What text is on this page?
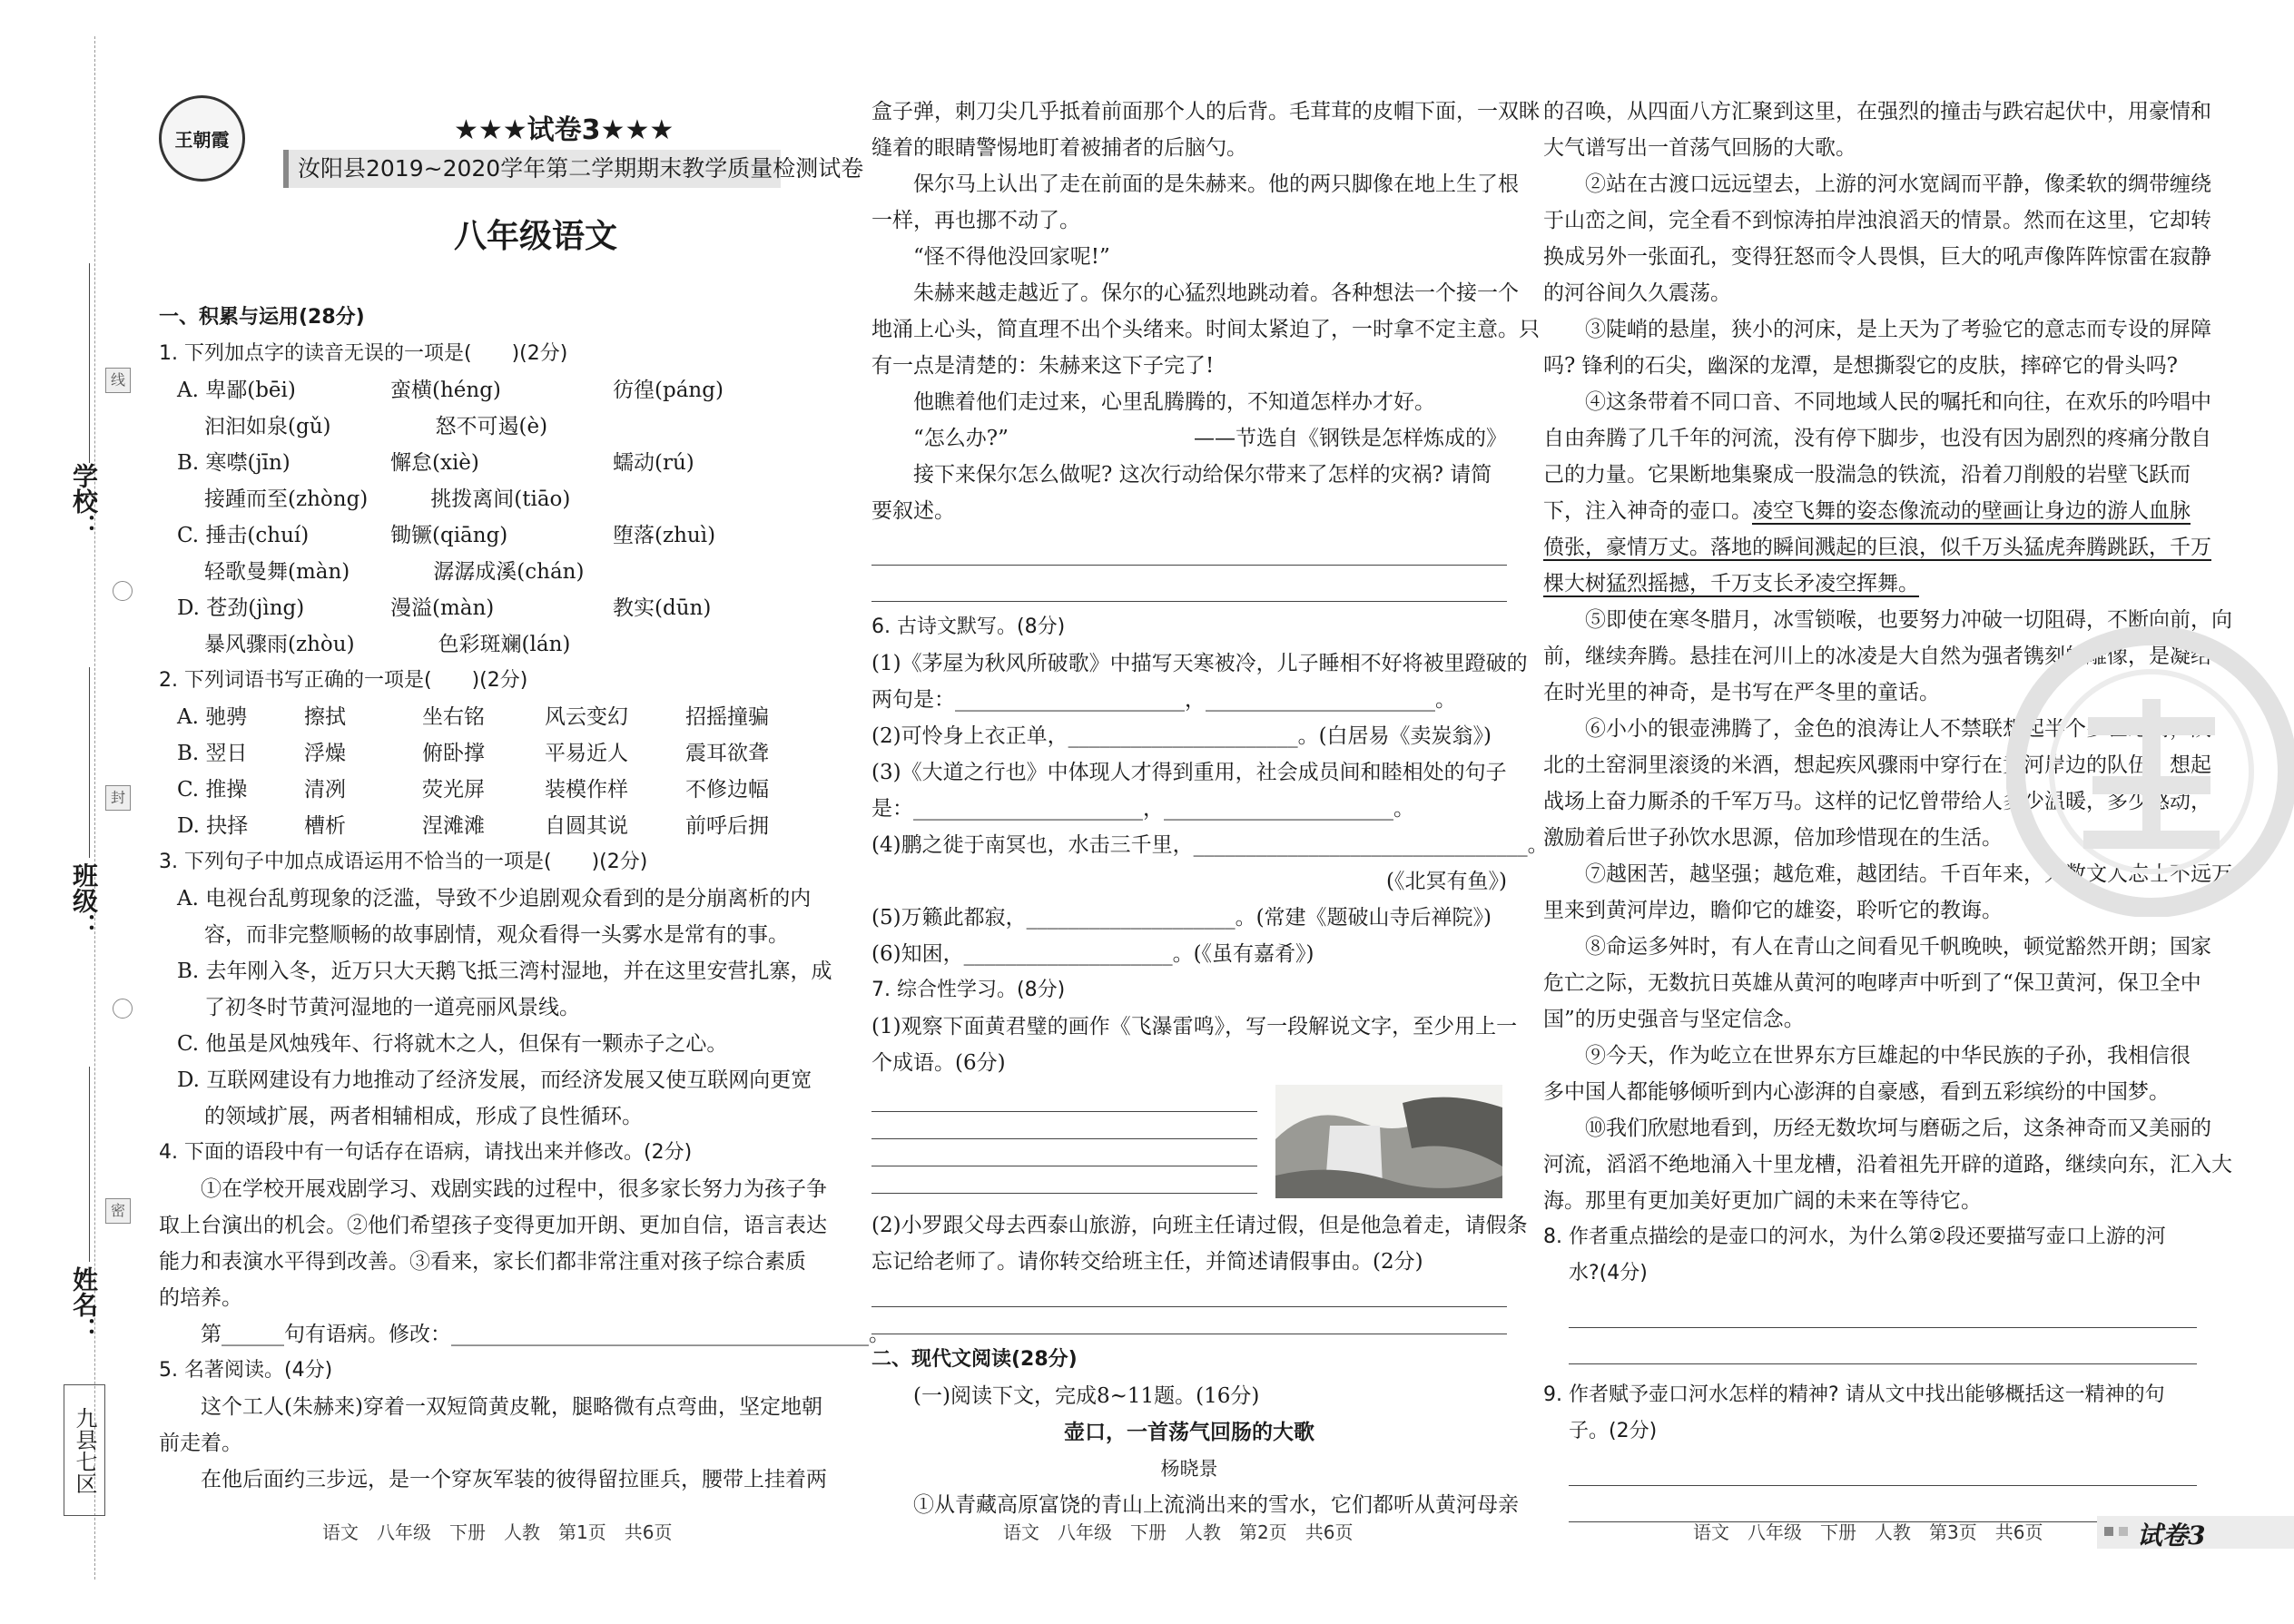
学校：
班级：
姓名：
线
封
密
九县七区
王朝霞	★★★试卷3★★★
汝阳县2019~2020学年第二学期期末教学质量检测试卷
八年级语文
一、积累与运用(28分)
1. 下列加点字的读音无误的一项是(　　)(2分)
A. 卑鄙(bēi)	蛮横(héng)	彷徨(páng)
汩汩如泉(gǔ)　　　　　怒不可遏(è)
B. 寒噤(jīn)	懈怠(xiè)	蠕动(rú)
接踵而至(zhòng)　　　挑拨离间(tiāo)
C. 捶击(chuí)	锄镢(qiāng)	堕落(zhuì)
轻歌曼舞(màn)　　　　潺潺成溪(chán)
D. 苍劲(jìng)	漫溢(màn)	教实(dūn)
暴风骤雨(zhòu)　　　　色彩斑斓(lán)
2. 下列词语书写正确的一项是(　　)(2分)
A. 驰骋	擦拭	坐右铭	风云变幻	招摇撞骗
B. 翌日	浮燥	俯卧撑	平易近人	震耳欲聋
C. 推操	清冽	荧光屏	装模作样	不修边幅
D. 抉择	槽析	涅滩滩	自圆其说	前呼后拥
3. 下列句子中加点成语运用不恰当的一项是(　　)(2分)
A. 电视台乱剪现象的泛滥，导致不少追剧观众看到的是分崩离析的内
容，而非完整顺畅的故事剧情，观众看得一头雾水是常有的事。
B. 去年刚入冬，近万只大天鹅飞抵三湾村湿地，并在这里安营扎寨，成
了初冬时节黄河湿地的一道亮丽风景线。
C. 他虽是风烛残年、行将就木之人，但保有一颗赤子之心。
D. 互联网建设有力地推动了经济发展，而经济发展又使互联网向更宽
的领域扩展，两者相辅相成，形成了良性循环。
4. 下面的语段中有一句话存在语病，请找出来并修改。(2分)
①在学校开展戏剧学习、戏剧实践的过程中，很多家长努力为孩子争
取上台演出的机会。②他们希望孩子变得更加开朗、更加自信，语言表达
能力和表演水平得到改善。③看来，家长们都非常注重对孩子综合素质
的培养。
第______句有语病。修改：________________________________________。
5. 名著阅读。(4分)
这个工人(朱赫来)穿着一双短筒黄皮靴，腿略微有点弯曲，坚定地朝
前走着。
在他后面约三步远，是一个穿灰军装的彼得留拉匪兵，腰带上挂着两
盒子弹，刺刀尖几乎抵着前面那个人的后背。毛茸茸的皮帽下面，一双眯
缝着的眼睛警惕地盯着被捕者的后脑勺。
保尔马上认出了走在前面的是朱赫来。他的两只脚像在地上生了根
一样，再也挪不动了。
“怪不得他没回家呢!”
朱赫来越走越近了。保尔的心猛烈地跳动着。各种想法一个接一个
地涌上心头，简直理不出个头绪来。时间太紧迫了，一时拿不定主意。只
有一点是清楚的：朱赫来这下子完了!
他瞧着他们走过来，心里乱腾腾的，不知道怎样办才好。
“怎么办?”	——节选自《钢铁是怎样炼成的》
接下来保尔怎么做呢? 这次行动给保尔带来了怎样的灾祸? 请简
要叙述。
6. 古诗文默写。(8分)
(1)《茅屋为秋风所破歌》中描写天寒被冷，儿子睡相不好将被里蹬破的
两句是：______________________，______________________。
(2)可怜身上衣正单，______________________。(白居易《卖炭翁》)
(3)《大道之行也》中体现人才得到重用，社会成员间和睦相处的句子
是：______________________，______________________。
(4)鹏之徙于南冥也，水击三千里，________________________________。
(《北冥有鱼》)
(5)万籁此都寂，____________________。(常建《题破山寺后禅院》)
(6)知困，____________________。(《虽有嘉肴》)
7. 综合性学习。(8分)
(1)观察下面黄君璧的画作《飞瀑雷鸣》，写一段解说文字，至少用上一
个成语。(6分)
(2)小罗跟父母去西泰山旅游，向班主任请过假，但是他急着走，请假条
忘记给老师了。请你转交给班主任，并简述请假事由。(2分)
二、现代文阅读(28分)
(一)阅读下文，完成8~11题。(16分)
壶口，一首荡气回肠的大歌
杨晓景
①从青藏高原富饶的青山上流淌出来的雪水，它们都听从黄河母亲
的召唤，从四面八方汇聚到这里，在强烈的撞击与跌宕起伏中，用豪情和
大气谱写出一首荡气回肠的大歌。
②站在古渡口远远望去，上游的河水宽阔而平静，像柔软的绸带缠绕
于山峦之间，完全看不到惊涛拍岸浊浪滔天的情景。然而在这里，它却转
换成另外一张面孔，变得狂怒而令人畏惧，巨大的吼声像阵阵惊雷在寂静
的河谷间久久震荡。
③陡峭的悬崖，狭小的河床，是上天为了考验它的意志而专设的屏障
吗? 锋利的石尖，幽深的龙潭，是想撕裂它的皮肤，摔碎它的骨头吗?
④这条带着不同口音、不同地域人民的嘱托和向往，在欢乐的吟唱中
自由奔腾了几千年的河流，没有停下脚步，也没有因为剧烈的疼痛分散自
己的力量。它果断地集聚成一股湍急的铁流，沿着刀削般的岩壁飞跃而
下，注入神奇的壶口。凌空飞舞的姿态像流动的壁画让身边的游人血脉
偾张，豪情万丈。落地的瞬间溅起的巨浪，似千万头猛虎奔腾跳跃，千万
棵大树猛烈摇撼，千万支长矛凌空挥舞。
⑤即使在寒冬腊月，冰雪锁喉，也要努力冲破一切阻碍，不断向前，向
前，继续奔腾。悬挂在河川上的冰凌是大自然为强者镌刻的雕像，是凝结
在时光里的神奇，是书写在严冬里的童话。
⑥小小的银壶沸腾了，金色的浪涛让人不禁联想起半个多世纪前，陕
北的土窑洞里滚烫的米酒，想起疾风骤雨中穿行在黄河岸边的队伍，想起
战场上奋力厮杀的千军万马。这样的记忆曾带给人多少温暖，多少感动，
激励着后世子孙饮水思源，倍加珍惜现在的生活。
⑦越困苦，越坚强；越危难，越团结。千百年来，无数文人志士不远万
里来到黄河岸边，瞻仰它的雄姿，聆听它的教诲。
⑧命运多舛时，有人在青山之间看见千帆晚映，顿觉豁然开朗；国家
危亡之际，无数抗日英雄从黄河的咆哮声中听到了“保卫黄河，保卫全中
国”的历史强音与坚定信念。
⑨今天，作为屹立在世界东方巨雄起的中华民族的子孙，我相信很
多中国人都能够倾听到内心澎湃的自豪感，看到五彩缤纷的中国梦。
⑩我们欣慰地看到，历经无数坎坷与磨砺之后，这条神奇而又美丽的
河流，滔滔不绝地涌入十里龙槽，沿着祖先开辟的道路，继续向东，汇入大
海。那里有更加美好更加广阔的未来在等待它。
8. 作者重点描绘的是壶口的河水，为什么第②段还要描写壶口上游的河
水?(4分)
9. 作者赋予壶口河水怎样的精神? 请从文中找出能够概括这一精神的句
子。(2分)
语文　八年级　下册　人教　第1页　共6页	语文　八年级　下册　人教　第2页　共6页	语文　八年级　下册　人教　第3页　共6页	试卷3
